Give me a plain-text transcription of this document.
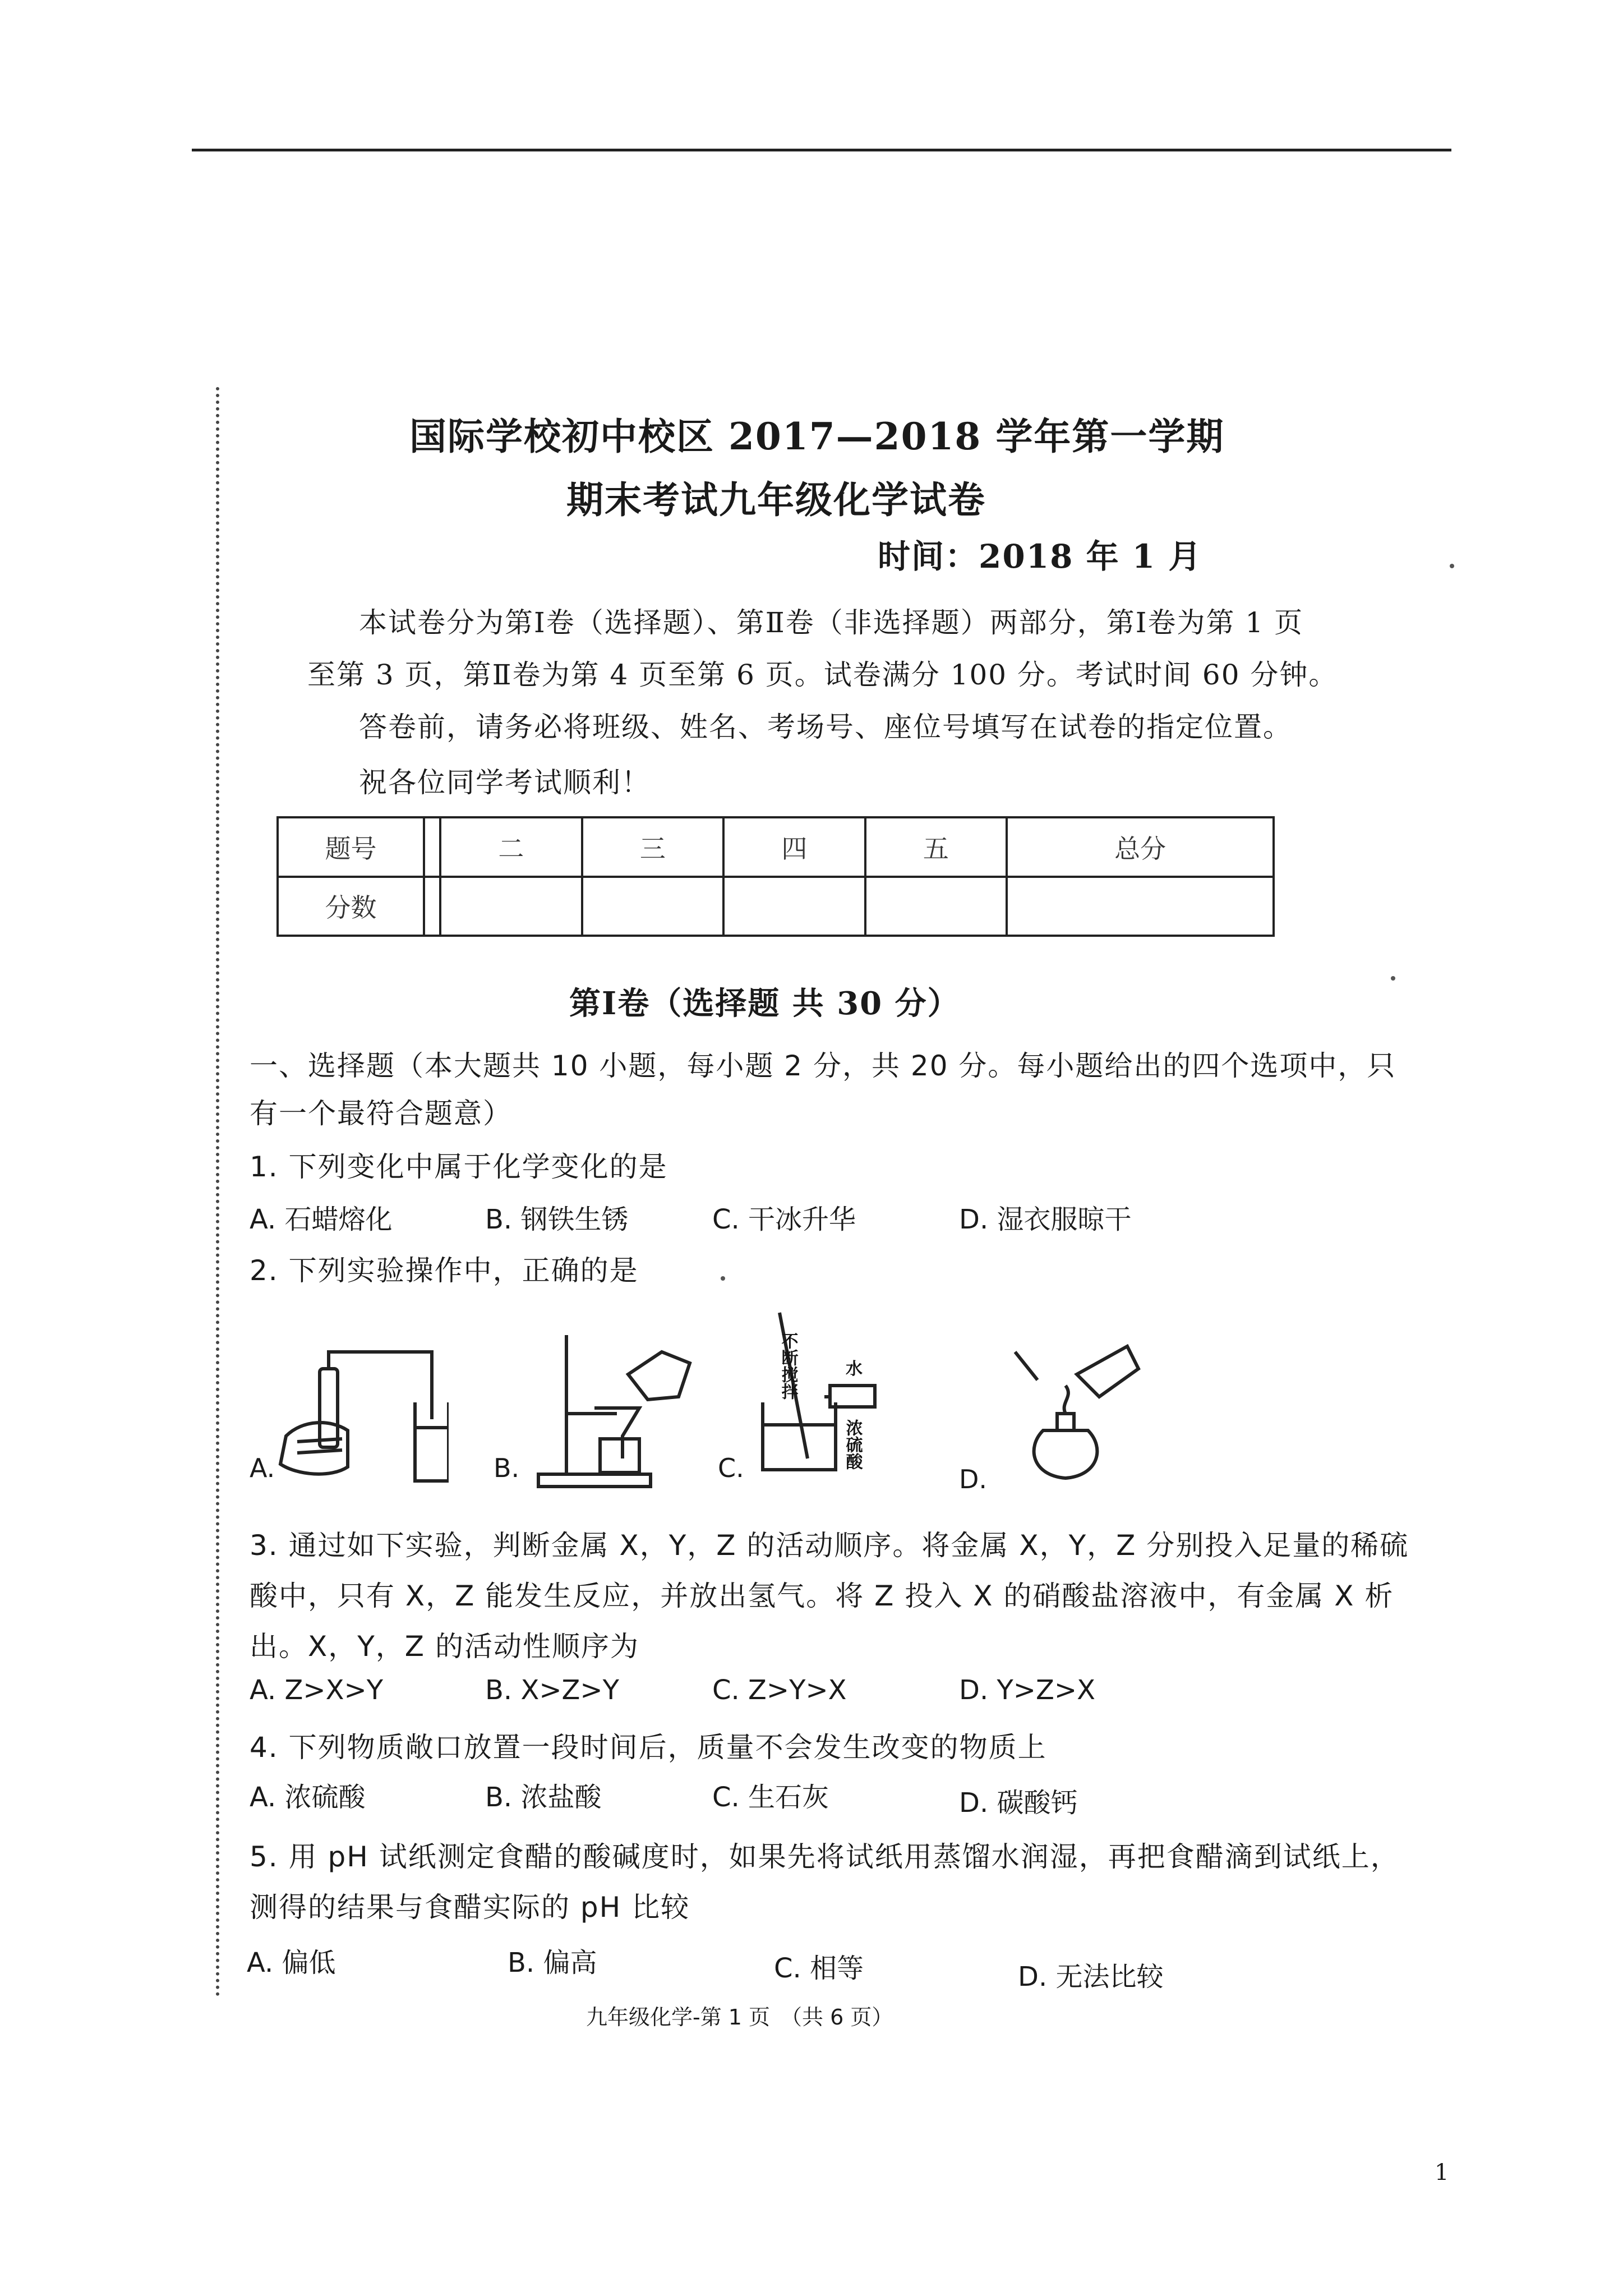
国际学校初中校区 2017—2018 学年第一学期
期末考试九年级化学试卷
时间：2018 年 1 月
本试卷分为第Ⅰ卷（选择题）、第Ⅱ卷（非选择题）两部分，第Ⅰ卷为第 1 页
至第 3 页，第Ⅱ卷为第 4 页至第 6 页。试卷满分 100 分。考试时间 60 分钟。
答卷前，请务必将班级、姓名、考场号、座位号填写在试卷的指定位置。
祝各位同学考试顺利！
题号		二	三	四	五	总分
分数						
第Ⅰ卷（选择题 共 30 分）
一、选择题（本大题共 10 小题，每小题 2 分，共 20 分。每小题给出的四个选项中，只
有一个最符合题意）
1. 下列变化中属于化学变化的是
A. 石蜡熔化	B. 钢铁生锈	C. 干冰升华	D. 湿衣服晾干
2. 下列实验操作中，正确的是
A.	B.
不断搅拌	水
浓硫酸
C.	D.
3. 通过如下实验，判断金属 X，Y，Z 的活动顺序。将金属 X，Y，Z 分别投入足量的稀硫
酸中，只有 X，Z 能发生反应，并放出氢气。将 Z 投入 X 的硝酸盐溶液中，有金属 X 析
出。X，Y，Z 的活动性顺序为
A. Z>X>Y	B. X>Z>Y	C. Z>Y>X	D. Y>Z>X
4. 下列物质敞口放置一段时间后，质量不会发生改变的物质上
A. 浓硫酸	B. 浓盐酸	C. 生石灰	D. 碳酸钙
5. 用 pH 试纸测定食醋的酸碱度时，如果先将试纸用蒸馏水润湿，再把食醋滴到试纸上，
测得的结果与食醋实际的 pH 比较
A. 偏低	B. 偏高	C. 相等	D. 无法比较
九年级化学-第 1 页　（共 6 页）
1
